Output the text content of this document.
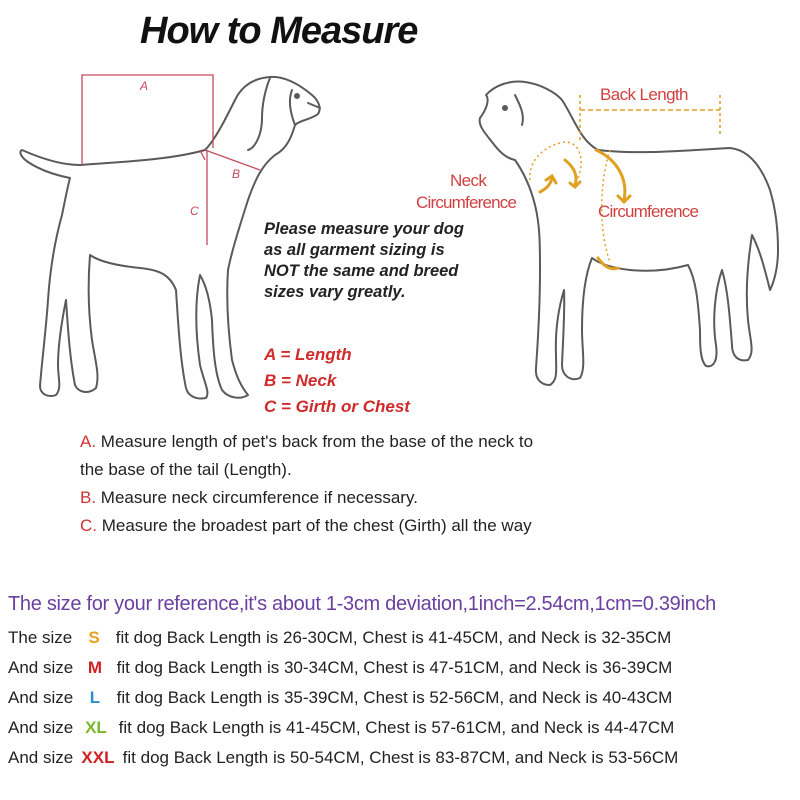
How to Measure
A
B
C
Back Length
Neck
Circumference	Circumference
Please measure your dog
as all garment sizing is
NOT the same and breed
sizes vary greatly.
A = Length
B = Neck
C = Girth or Chest
A. Measure length of pet's back from the base of the neck to
the base of the tail (Length).
B. Measure neck circumference if necessary.
C. Measure the broadest part of the chest (Girth) all the way
The size for your reference,it's about 1-3cm deviation,1inch=2.54cm,1cm=0.39inch
The size S fit dog Back Length is 26-30CM, Chest is 41-45CM, and Neck is 32-35CM
And size M fit dog Back Length is 30-34CM, Chest is 47-51CM, and Neck is 36-39CM
And size L fit dog Back Length is 35-39CM, Chest is 52-56CM, and Neck is 40-43CM
And size XL fit dog Back Length is 41-45CM, Chest is 57-61CM, and Neck is 44-47CM
And size XXL fit dog Back Length is 50-54CM, Chest is 83-87CM, and Neck is 53-56CM
